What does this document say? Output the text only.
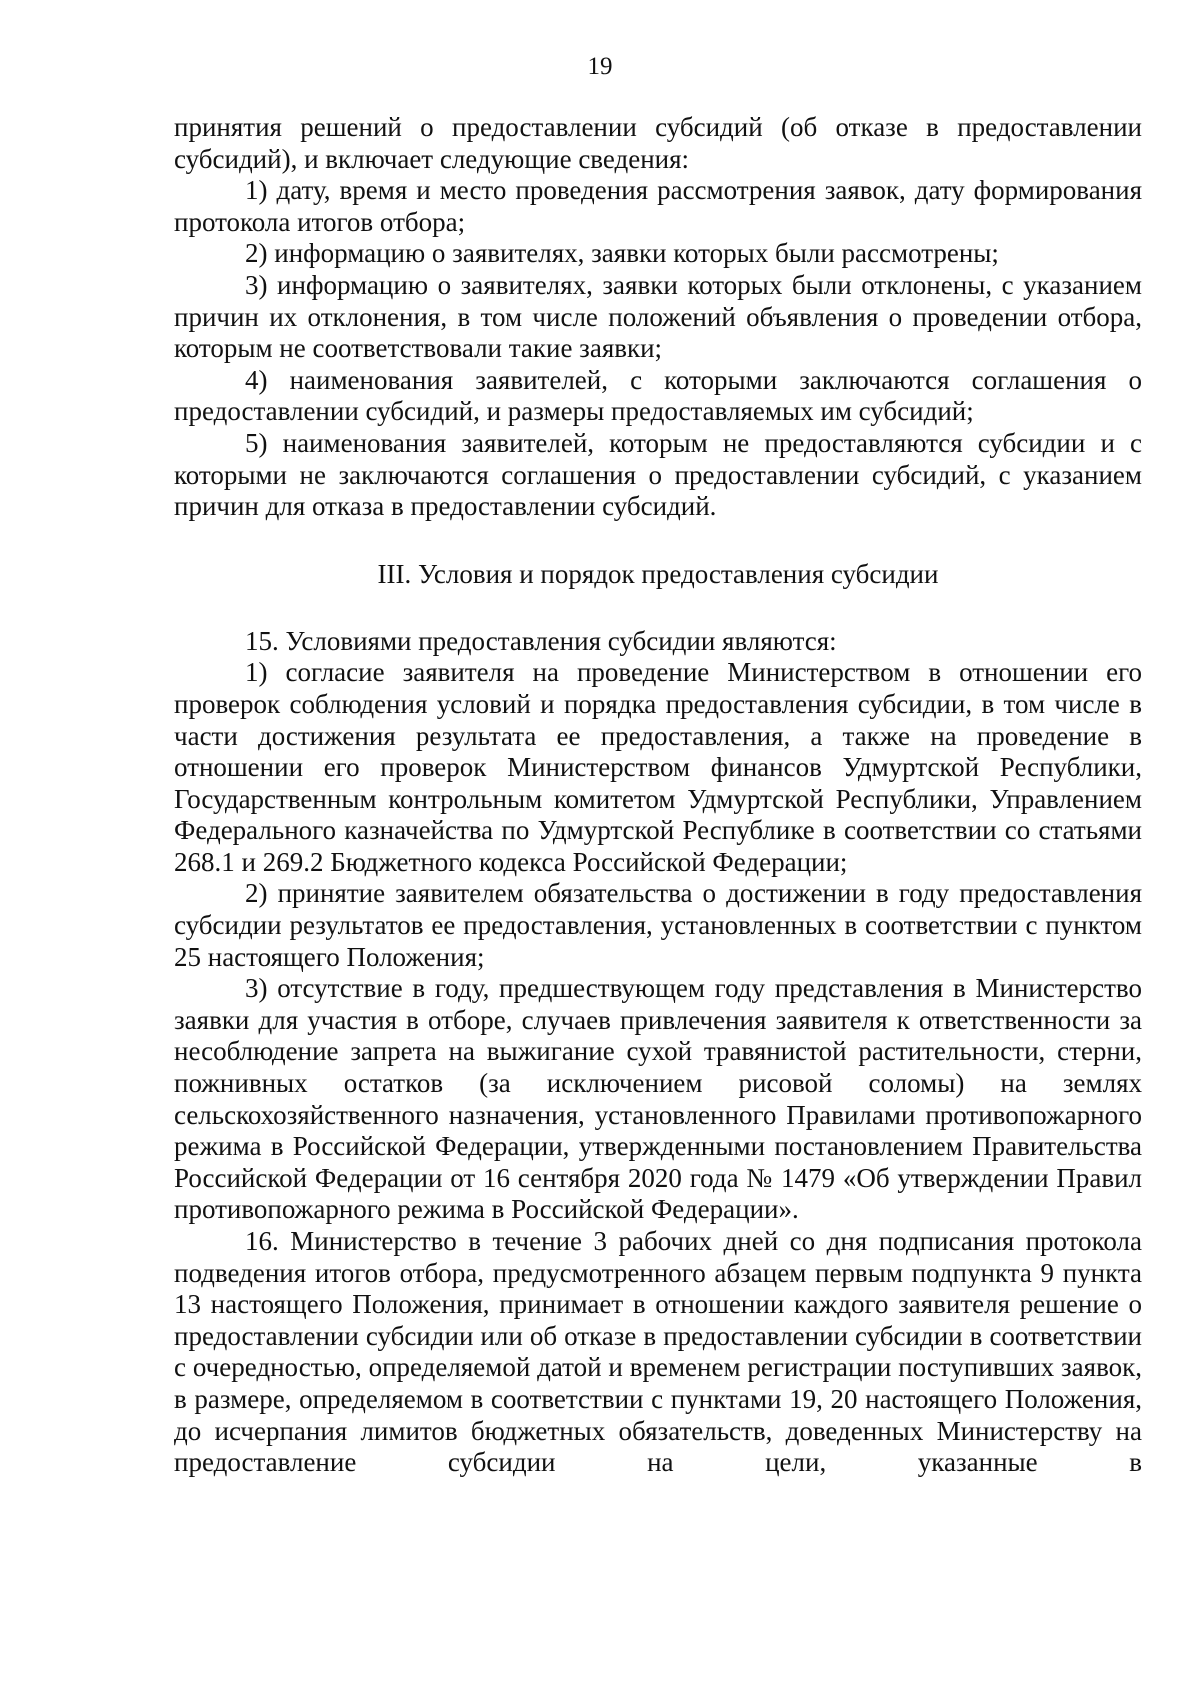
19

принятия решений о предоставлении субсидий (об отказе в предоставлении субсидий), и включает следующие сведения:

1) дату, время и место проведения рассмотрения заявок, дату формирования протокола итогов отбора;

2) информацию о заявителях, заявки которых были рассмотрены;

3) информацию о заявителях, заявки которых были отклонены, с указанием причин их отклонения, в том числе положений объявления о проведении отбора, которым не соответствовали такие заявки;

4) наименования заявителей, с которыми заключаются соглашения о предоставлении субсидий, и размеры предоставляемых им субсидий;

5) наименования заявителей, которым не предоставляются субсидии и с которыми не заключаются соглашения о предоставлении субсидий, с указанием причин для отказа в предоставлении субсидий.

III. Условия и порядок предоставления субсидии

15. Условиями предоставления субсидии являются:

1) согласие заявителя на проведение Министерством в отношении его проверок соблюдения условий и порядка предоставления субсидии, в том числе в части достижения результата ее предоставления, а также на проведение в отношении его проверок Министерством финансов Удмуртской Республики, Государственным контрольным комитетом Удмуртской Республики, Управлением Федерального казначейства по Удмуртской Республике в соответствии со статьями 268.1 и 269.2 Бюджетного кодекса Российской Федерации;

2) принятие заявителем обязательства о достижении в году предоставления субсидии результатов ее предоставления, установленных в соответствии с пунктом 25 настоящего Положения;

3) отсутствие в году, предшествующем году представления в Министерство заявки для участия в отборе, случаев привлечения заявителя к ответственности за несоблюдение запрета на выжигание сухой травянистой растительности, стерни, пожнивных остатков (за исключением рисовой соломы) на землях сельскохозяйственного назначения, установленного Правилами противопожарного режима в Российской Федерации, утвержденными постановлением Правительства Российской Федерации от 16 сентября 2020 года № 1479 «Об утверждении Правил противопожарного режима в Российской Федерации».

16. Министерство в течение 3 рабочих дней со дня подписания протокола подведения итогов отбора, предусмотренного абзацем первым подпункта 9 пункта 13 настоящего Положения, принимает в отношении каждого заявителя решение о предоставлении субсидии или об отказе в предоставлении субсидии в соответствии с очередностью, определяемой датой и временем регистрации поступивших заявок, в размере, определяемом в соответствии с пунктами 19, 20 настоящего Положения, до исчерпания лимитов бюджетных обязательств, доведенных Министерству на предоставление субсидии на цели, указанные в
